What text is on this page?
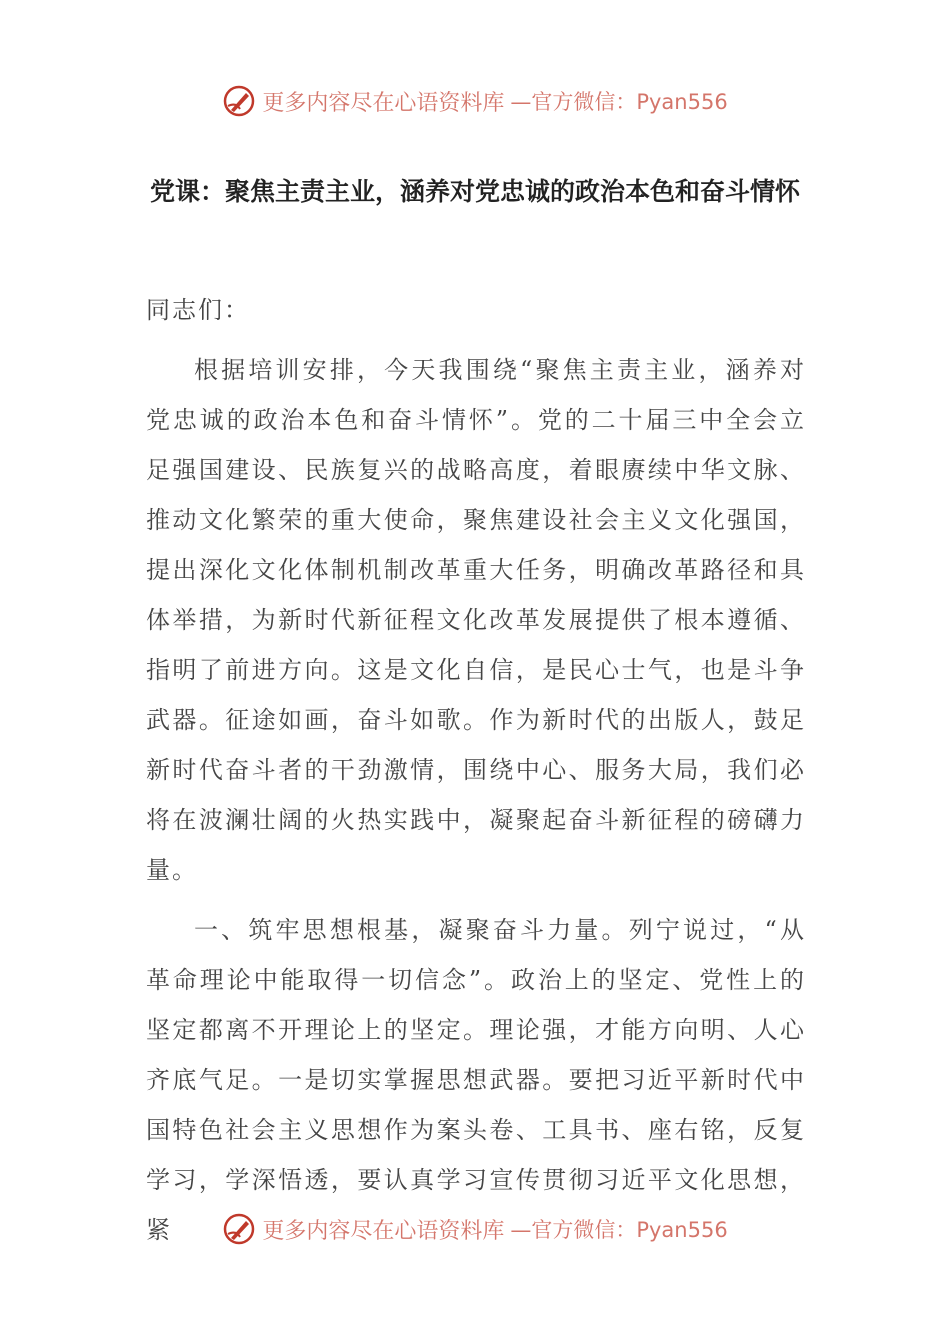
更多内容尽在心语资料库 —官方微信：Pyan556
党课：聚焦主责主业，涵养对党忠诚的政治本色和奋斗情怀

同志们：

根据培训安排，今天我围绕“聚焦主责主业，涵养对党忠诚的政治本色和奋斗情怀”。党的二十届三中全会立足强国建设、民族复兴的战略高度，着眼赓续中华文脉、推动文化繁荣的重大使命，聚焦建设社会主义文化强国，提出深化文化体制机制改革重大任务，明确改革路径和具体举措，为新时代新征程文化改革发展提供了根本遵循、指明了前进方向。这是文化自信，是民心士气，也是斗争武器。征途如画，奋斗如歌。作为新时代的出版人，鼓足新时代奋斗者的干劲激情，围绕中心、服务大局，我们必将在波澜壮阔的火热实践中，凝聚起奋斗新征程的磅礴力量。

一、筑牢思想根基，凝聚奋斗力量。列宁说过，“从革命理论中能取得一切信念”。政治上的坚定、党性上的坚定都离不开理论上的坚定。理论强，才能方向明、人心齐底气足。一是切实掌握思想武器。要把习近平新时代中国特色社会主义思想作为案头卷、工具书、座右铭，反复学习，学深悟透，要认真学习宣传贯彻习近平文化思想，紧	更多内容尽在心语资料库 —官方微信：Pyan556
